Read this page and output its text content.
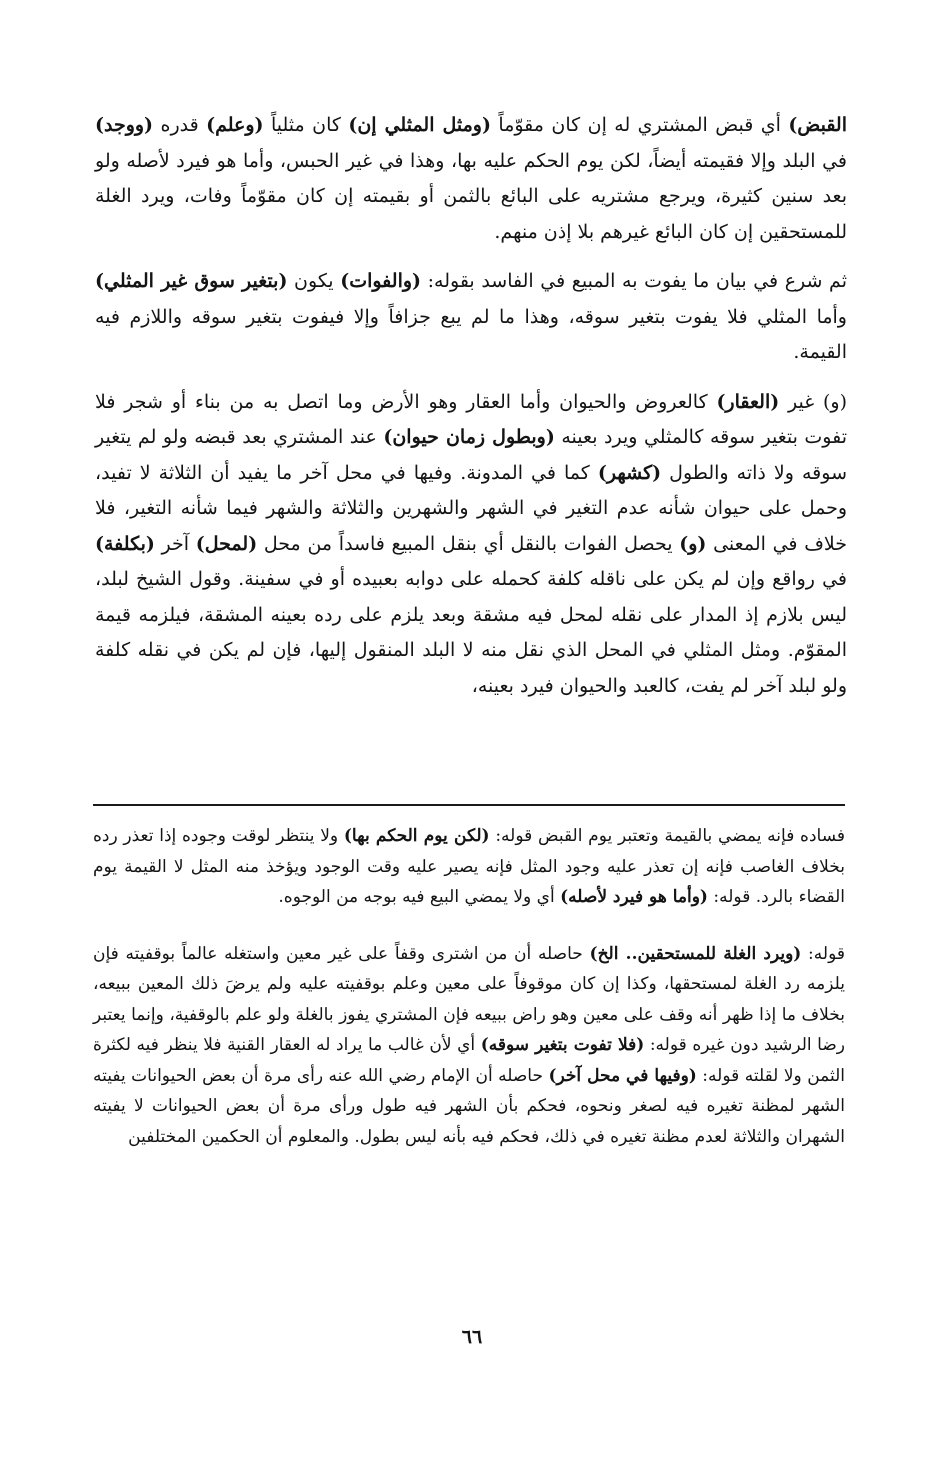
القبض) أي قبض المشتري له إن كان مقوّماً (ومثل المثلي إن) كان مثلياً (وعلم) قدره (ووجد) في البلد وإلا فقيمته أيضاً، لكن يوم الحكم عليه بها، وهذا في غير الحبس، وأما هو فيرد لأصله ولو بعد سنين كثيرة، ويرجع مشتريه على البائع بالثمن أو بقيمته إن كان مقوّماً وفات، ويرد الغلة للمستحقين إن كان البائع غيرهم بلا إذن منهم.

ثم شرع في بيان ما يفوت به المبيع في الفاسد بقوله: (والفوات) يكون (بتغير سوق غير المثلي) وأما المثلي فلا يفوت بتغير سوقه، وهذا ما لم يبع جزافاً وإلا فيفوت بتغير سوقه واللازم فيه القيمة.

(و) غير (العقار) كالعروض والحيوان وأما العقار وهو الأرض وما اتصل به من بناء أو شجر فلا تفوت بتغير سوقه كالمثلي ويرد بعينه (وبطول زمان حيوان) عند المشتري بعد قبضه ولو لم يتغير سوقه ولا ذاته والطول (كشهر) كما في المدونة. وفيها في محل آخر ما يفيد أن الثلاثة لا تفيد، وحمل على حيوان شأنه عدم التغير في الشهر والشهرين والثلاثة والشهر فيما شأنه التغير، فلا خلاف في المعنى (و) يحصل الفوات بالنقل أي بنقل المبيع فاسداً من محل (لمحل) آخر (بكلفة) في رواقع وإن لم يكن على ناقله كلفة كحمله على دوابه بعبيده أو في سفينة. وقول الشيخ لبلد، ليس بلازم إذ المدار على نقله لمحل فيه مشقة وبعد يلزم على رده بعينه المشقة، فيلزمه قيمة المقوّم. ومثل المثلي في المحل الذي نقل منه لا البلد المنقول إليها، فإن لم يكن في نقله كلفة ولو لبلد آخر لم يفت، كالعبد والحيوان فيرد بعينه،

فساده فإنه يمضي بالقيمة وتعتبر يوم القبض قوله: (لكن يوم الحكم بها) ولا ينتظر لوقت وجوده إذا تعذر رده بخلاف الغاصب فإنه إن تعذر عليه وجود المثل فإنه يصير عليه وقت الوجود ويؤخذ منه المثل لا القيمة يوم القضاء بالرد. قوله: (وأما هو فيرد لأصله) أي ولا يمضي البيع فيه بوجه من الوجوه.

قوله: (ويرد الغلة للمستحقين.. الخ) حاصله أن من اشترى وقفاً على غير معين واستغله عالماً بوقفيته فإن يلزمه رد الغلة لمستحقها، وكذا إن كان موقوفاً على معين وعلم بوقفيته عليه ولم يرضَ ذلك المعين ببيعه، بخلاف ما إذا ظهر أنه وقف على معين وهو راض ببيعه فإن المشتري يفوز بالغلة ولو علم بالوقفية، وإنما يعتبر رضا الرشيد دون غيره قوله: (فلا تفوت بتغير سوقه) أي لأن غالب ما يراد له العقار القنية فلا ينظر فيه لكثرة الثمن ولا لقلته قوله: (وفيها في محل آخر) حاصله أن الإمام رضي الله عنه رأى مرة أن بعض الحيوانات يفيته الشهر لمظنة تغيره فيه لصغر ونحوه، فحكم بأن الشهر فيه طول ورأى مرة أن بعض الحيوانات لا يفيته الشهران والثلاثة لعدم مظنة تغيره في ذلك، فحكم فيه بأنه ليس بطول. والمعلوم أن الحكمين المختلفين

٦٦
